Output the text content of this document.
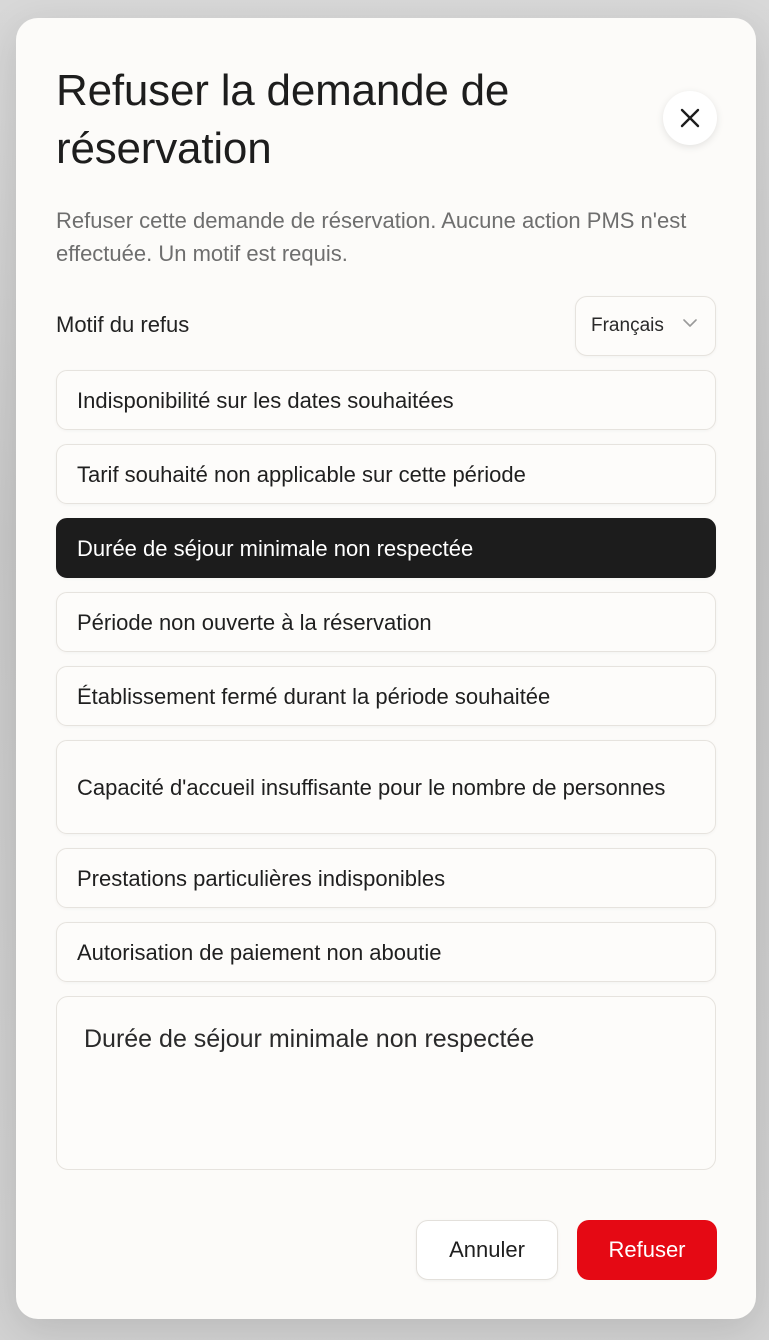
Refuser la demande de réservation

Refuser cette demande de réservation. Aucune action PMS n'est effectuée. Un motif est requis.

Motif du refus	Français
Indisponibilité sur les dates souhaitées
Tarif souhaité non applicable sur cette période
Durée de séjour minimale non respectée
Période non ouverte à la réservation
Établissement fermé durant la période souhaitée
Capacité d'accueil insuffisante pour le nombre de personnes
Prestations particulières indisponibles
Autorisation de paiement non aboutie
Durée de séjour minimale non respectée
Annuler	Refuser
